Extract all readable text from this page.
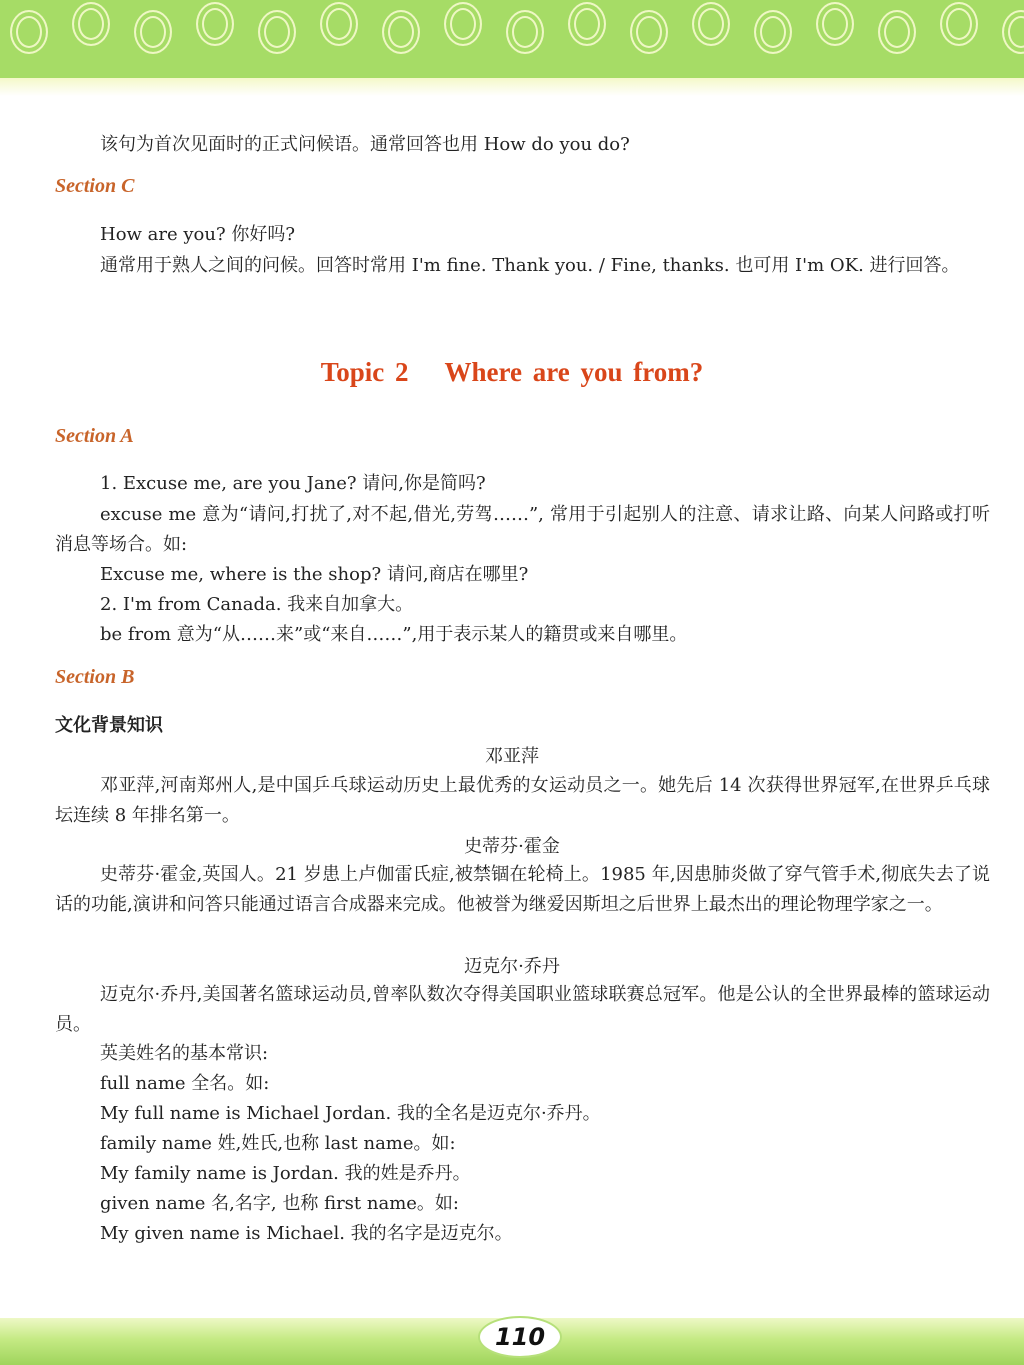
该句为首次见面时的正式问候语。通常回答也用 How do you do?
Section C
How are you? 你好吗?
通常用于熟人之间的问候。回答时常用 I'm fine. Thank you. / Fine, thanks. 也可用 I'm OK. 进行回答。
Topic 2 Where are you from?
Section A
1. Excuse me, are you Jane? 请问,你是简吗?
excuse me 意为“请问,打扰了,对不起,借光,劳驾……”, 常用于引起别人的注意、请求让路、向某人问路或打听消息等场合。如:
Excuse me, where is the shop? 请问,商店在哪里?
2. I'm from Canada. 我来自加拿大。
be from 意为“从……来”或“来自……”,用于表示某人的籍贯或来自哪里。
Section B
文化背景知识
邓亚萍
邓亚萍,河南郑州人,是中国乒乓球运动历史上最优秀的女运动员之一。她先后 14 次获得世界冠军,在世界乒乓球坛连续 8 年排名第一。
史蒂芬·霍金
史蒂芬·霍金,英国人。21 岁患上卢伽雷氏症,被禁锢在轮椅上。1985 年,因患肺炎做了穿气管手术,彻底失去了说话的功能,演讲和问答只能通过语言合成器来完成。他被誉为继爱因斯坦之后世界上最杰出的理论物理学家之一。
迈克尔·乔丹
迈克尔·乔丹,美国著名篮球运动员,曾率队数次夺得美国职业篮球联赛总冠军。他是公认的全世界最棒的篮球运动员。
英美姓名的基本常识:
full name 全名。如:
My full name is Michael Jordan. 我的全名是迈克尔·乔丹。
family name 姓,姓氏,也称 last name。如:
My family name is Jordan. 我的姓是乔丹。
given name 名,名字, 也称 first name。如:
My given name is Michael. 我的名字是迈克尔。
110
